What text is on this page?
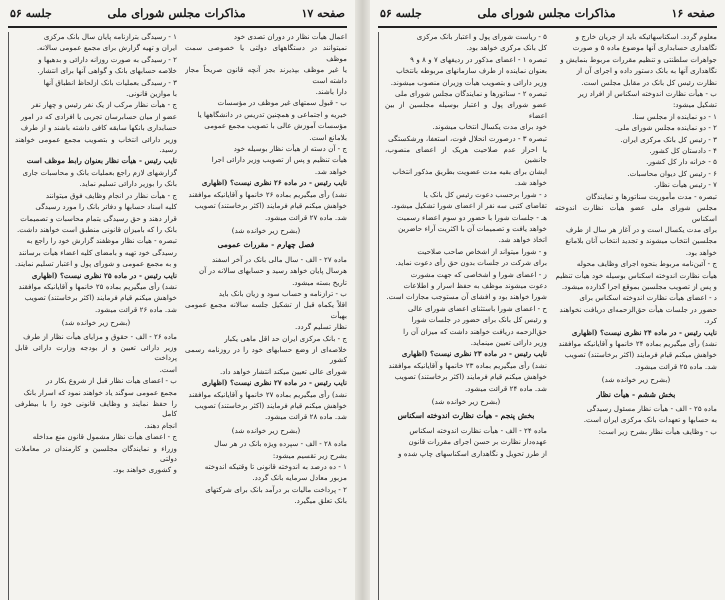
صفحه ۱۷
مذاکرات مجلس شورای ملی
جلسه ۵۶

اعمال هیأت نظار در دوران تصدی خود

نمیتوانند در دستگاههای دولتی یا خصوصی سمت موظف

یا غیر موظف بپذیرند بجز آنچه قانون صریحاً مجاز داشته است

دارا باشند.

ب - قبول سمتهای غیر موظف در مؤسسات

خیریه و اجتماعی و همچنین تدریس در دانشگاهها یا

مؤسسات آموزش عالی با تصویب مجمع عمومی

بلامانع است.

ج - آن دسته از هیأت نظار بوسیله خود

هیأت تنظیم و پس از تصویب وزیر دارائی اجرا

خواهد شد.

نایب رئیس - در ماده ۲۶ نظری نیست؟ (اظهاری

نشد) رأی میگیریم بماده ۲۶ خانمها و آقایانیکه موافقند

خواهش میکنم قیام فرمایند (اکثر برخاستند) تصویب

شد. ماده ۲۷ قرائت میشود.

(بشرح زیر خوانده شد)

فصل چهارم - مقررات عمومی

ماده ۲۷ - الف - سال مالی بانک در آخر اسفند

هرسال پایان خواهد رسید و حسابهای سالانه در آن

تاریخ بسته میشود.

ب - ترازنامه و حساب سود و زیان بانک باید

اقلاً یکماه قبل از تشکیل جلسه سالانه مجمع عمومی بهیأت

نظار تسلیم گردد.

ج - بانک مرکزی ایران حد اقل ماهی یکبار

خلاصه‌ای از وضع حسابهای خود را در روزنامه رسمی کشور

شورای عالی تعیین میکند انتشار خواهد داد.

نایب رئیس - در ماده ۲۷ نظری نیست؟ (اظهاری

نشد) رأی میگیریم بماده ۲۷ خانمها و آقایانیکه موافقند

خواهش میکنم قیام فرمایند (اکثر برخاستند) تصویب

شد. ماده ۲۸ قرائت میشود.

(بشرح زیر خوانده شد)

ماده ۲۸ - الف - سپرده ویژه بانک در هر سال

بشرح زیر تقسیم میشود:

۱ - ده درصد به اندوخته قانونی تا وقتیکه اندوخته

مزبور معادل سرمایه بانک گردد.

۲ - پرداخت مالیات بر درآمد بانک برای شرکتهای

بانک تعلق میگیرد.

۱ - رسیدگی بترازنامه پایان سال بانک مرکزی

ایران و تهیه گزارش برای مجمع عمومی سالانه.

۲ - رسیدگی به صورت روزانه دارائی و بدهیها و

خلاصه حسابهای بانک و گواهی آنها برای انتشار.

۳ - رسیدگی بعملیات بانک ازلحاظ انطباق آنها

با موازین قانونی.

ج - هیأت نظار مرکب از یک نفر رئیس و چهار نفر

عضو از میان حسابرسان تجربی یا افرادی که در امور

حسابداری بانکها سابقه کافی داشته باشند و از طرف

وزیر دارائی انتخاب و بتصویب مجمع عمومی خواهند رسید.

نایب رئیس - هیأت نظار بعنوان رابط موظف است

گزارشهای لازم راجع بعملیات بانک و محاسبات جاری

بانک را بوزیر دارائی تسلیم نماید.

ج - هیأت نظار در انجام وظایف فوق میتوانند

کلیه اسناد حسابها و دفاتر بانک را مورد رسیدگی

قرار دهند و حق رسیدگی بتمام محاسبات و تصمیمات

بانک را که بامیزان قانونی منطبق است خواهند داشت.

تبصره - هیأت نظار موظفند گزارش خود را راجع به

رسیدگی خود تهیه و بامضای کلیه اعضاء هیأت برسانند

و به مجمع عمومی و شورای پول و اعتبار تسلیم نمایند.

نایب رئیس - در ماده ۲۵ نظری نیست؟ (اظهاری

نشد) رأی میگیریم بماده ۲۵ خانمها و آقایانیکه موافقند

خواهش میکنم قیام فرمایند (اکثر برخاستند) تصویب

شد. ماده ۲۶ قرائت میشود.

(بشرح زیر خوانده شد)

ماده ۲۶ - الف - حقوق و مزایای هیأت نظار از طرف

وزیر دارائی تعیین و از بودجه وزارت دارائی قابل پرداخت

است.

ب - اعضای هیأت نظار قبل از شروع بکار در

مجمع عمومی سوگند یاد خواهند نمود که اسرار بانک

را حفظ نمایند و وظایف قانونی خود را با بیطرفی کامل

انجام دهند.

ج - اعضای هیأت نظار مشمول قانون منع مداخله

وزراء و نمایندگان مجلسین و کارمندان در معاملات دولتی

و کشوری خواهند بود.

صفحه ۱۶
مذاکرات مجلس شورای ملی
جلسه ۵۶

معلوم گردد. اسکناسهائیکه باید از جریان خارج و

نگاهداری حسابداری آنها موضوع ماده ۵ و صورت

جواهرات سلطنتی و تنظیم مقررات مربوط بنمایش و

نگاهداری آنها به بانک دستور داده و اجرای آن از

نظارت رئیس کل بانک در مقابل مجلس است.

ب - هیأت نظارت اندوخته اسکناس از افراد زیر

تشکیل میشود:

۱ - دو نماینده از مجلس سنا.

۲ - دو نماینده مجلس شورای ملی.

۳ - رئیس کل بانک مرکزی ایران.

۴ - دادستان کل کشور.

۵ - خزانه دار کل کشور.

۶ - رئیس کل دیوان محاسبات.

۷ - رئیس هیأت نظار.

تبصره - مدت مأموریت سناتورها و نمایندگان

مجلس شورای ملی عضو هیأت نظارت اندوخته اسکناس

برای مدت یکسال است و در آغاز هر سال از طرف

مجلسین انتخاب میشوند و تجدید انتخاب آنان بلامانع

خواهد بود.

ج - آئین‌نامه مربوط بنحوه اجرای وظایف محوله

هیأت نظارت اندوخته اسکناس بوسیله خود هیأت تنظیم

و پس از تصویب مجلسین بموقع اجرا گذارده میشود.

د - اعضای هیأت نظارت اندوخته اسکناس برای

حضور در جلسات هیأت حق‌الزحمه‌ای دریافت نخواهند

کرد.

نایب رئیس - در ماده ۲۴ نظری نیست؟ (اظهاری

نشد) رأی میگیریم بماده ۲۴ خانمها و آقایانیکه موافقند

خواهش میکنم قیام فرمایند (اکثر برخاستند) تصویب

شد. ماده ۲۵ قرائت میشود.

(بشرح زیر خوانده شد)

بخش ششم - هیأت نظار

ماده ۲۵ - الف - هیأت نظار مسئول رسیدگی

به حسابها و تعهدات بانک مرکزی ایران است.

ب - وظایف هیأت نظار بشرح زیر است:

۵ - ریاست شورای پول و اعتبار بانک مرکزی

کل بانک مرکزی خواهد بود.

تبصره ۱ - اعضای مذکور در ردیفهای ۷ و ۸ و ۹

بعنوان نماینده از طرف سازمانهای مربوطه بانتخاب

وزیر دارائی و بتصویب هیأت وزیران منصوب میشوند.

تبصره ۲ - سناتورها و نمایندگان مجلس شورای ملی

عضو شورای پول و اعتبار بوسیله مجلسین از بین اعضاء

خود برای مدت یکسال انتخاب میشوند.

تبصره ۳ - درصورت انحلال فوت، استعفا، ورشکستگی

یا احراز عدم صلاحیت هریک از اعضای منصوب، جانشین

ایشان برای بقیه مدت عضویت بطریق مذکور انتخاب

خواهد شد.

د - شورا برحسب دعوت رئیس کل بانک یا

تقاضای کتبی سه نفر از اعضای شورا تشکیل میشود.

هـ - جلسات شورا با حضور دو سوم اعضاء رسمیت

خواهد یافت و تصمیمات آن با اکثریت آراء حاضرین

اتخاذ خواهد شد.

و - شورا میتواند از اشخاص صاحب صلاحیت

برای شرکت در جلسات بدون حق رأی دعوت نماید.

ز - اعضای شورا و اشخاصی که جهت مشورت

دعوت میشوند موظف به حفظ اسرار و اطلاعات

شورا خواهند بود و افشای آن مستوجب مجازات است.

ح - اعضای شورا باستثنای اعضای شورای عالی

و رئیس کل بانک برای حضور در جلسات شورا

حق‌الزحمه دریافت خواهند داشت که میزان آن را

وزیر دارائی تعیین مینماید.

نایب رئیس - در ماده ۲۳ نظری نیست؟ (اظهاری

نشد) رأی میگیریم بماده ۲۳ خانمها و آقایانیکه موافقند

خواهش میکنم قیام فرمایند (اکثر برخاستند) تصویب

شد. ماده ۲۴ قرائت میشود.

(بشرح زیر خوانده شد)

بخش پنجم - هیأت نظارت اندوخته اسکناس

ماده ۲۴ - الف - هیأت نظارت اندوخته اسکناس

عهده‌دار نظارت بر حسن اجرای مقررات قانون

از طرز تحویل و نگاهداری اسکناسهای چاپ شده و
